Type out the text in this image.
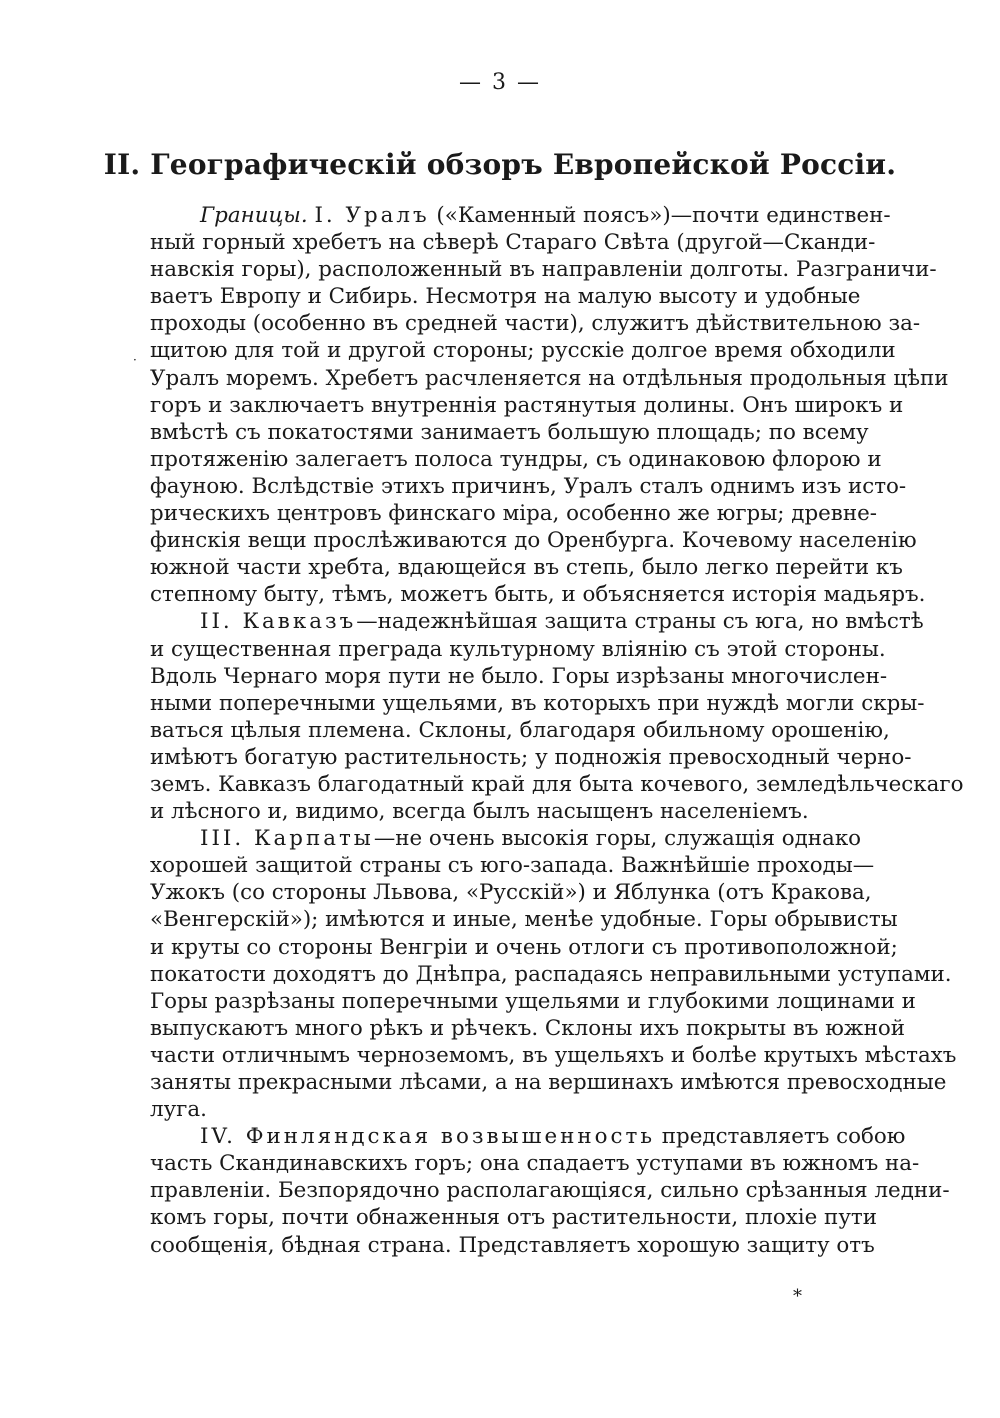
— 3 —
II. Географическій обзоръ Европейской Россіи.
Границы. I. Уралъ («Каменный поясъ»)—почти единствен-
ный горный хребетъ на сѣверѣ Стараго Свѣта (другой—Сканди-
навскія горы), расположенный въ направленіи долготы. Разграничи-
ваетъ Европу и Сибирь. Несмотря на малую высоту и удобные
проходы (особенно въ средней части), служитъ дѣйствительною за-
щитою для той и другой стороны; русскіе долгое время обходили
Уралъ моремъ. Хребетъ расчленяется на отдѣльныя продольныя цѣпи
горъ и заключаетъ внутреннія растянутыя долины. Онъ широкъ и
вмѣстѣ съ покатостями занимаетъ большую площадь; по всему
протяженію залегаетъ полоса тундры, съ одинаковою флорою и
фауною. Вслѣдствіе этихъ причинъ, Уралъ сталъ однимъ изъ исто-
рическихъ центровъ финскаго міра, особенно же югры; древне-
финскія вещи прослѣживаются до Оренбурга. Кочевому населенію
южной части хребта, вдающейся въ степь, было легко перейти къ
степному быту, тѣмъ, можетъ быть, и объясняется исторія мадьяръ.
II. Кавказъ—надежнѣйшая защита страны съ юга, но вмѣстѣ
и существенная преграда культурному вліянію съ этой стороны.
Вдоль Чернаго моря пути не было. Горы изрѣзаны многочислен-
ными поперечными ущельями, въ которыхъ при нуждѣ могли скры-
ваться цѣлыя племена. Склоны, благодаря обильному орошенію,
имѣютъ богатую растительность; у подножія превосходный черно-
земъ. Кавказъ благодатный край для быта кочевого, земледѣльческаго
и лѣсного и, видимо, всегда былъ насыщенъ населеніемъ.
III. Карпаты—не очень высокія горы, служащія однако
хорошей защитой страны съ юго-запада. Важнѣйшіе проходы—
Ужокъ (со стороны Львова, «Русскій») и Яблунка (отъ Кракова,
«Венгерскій»); имѣются и иные, менѣе удобные. Горы обрывисты
и круты со стороны Венгріи и очень отлоги съ противоположной;
покатости доходятъ до Днѣпра, распадаясь неправильными уступами.
Горы разрѣзаны поперечными ущельями и глубокими лощинами и
выпускаютъ много рѣкъ и рѣчекъ. Склоны ихъ покрыты въ южной
части отличнымъ черноземомъ, въ ущельяхъ и болѣе крутыхъ мѣстахъ
заняты прекрасными лѣсами, а на вершинахъ имѣются превосходные
луга.
IV. Финляндская возвышенность представляетъ собою
часть Скандинавскихъ горъ; она спадаетъ уступами въ южномъ на-
правленіи. Безпорядочно располагающіяся, сильно срѣзанныя ледни-
комъ горы, почти обнаженныя отъ растительности, плохіе пути
сообщенія, бѣдная страна. Представляетъ хорошую защиту отъ
·
*
